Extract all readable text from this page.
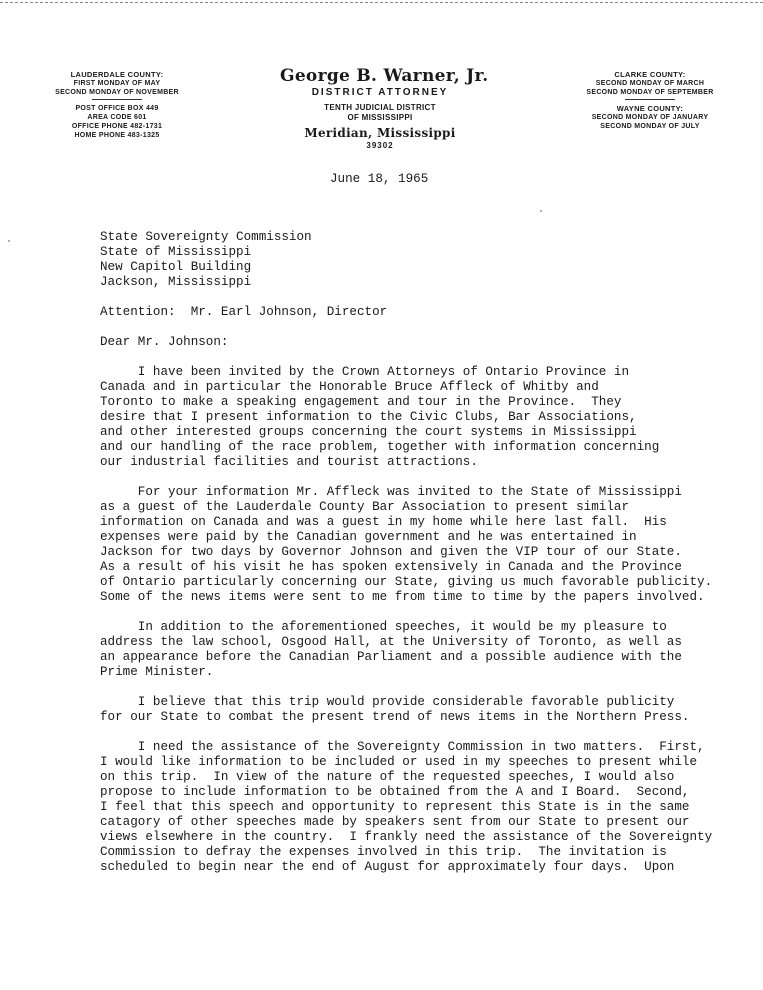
LAUDERDALE COUNTY:
FIRST MONDAY OF MAY
SECOND MONDAY OF NOVEMBER
POST OFFICE BOX 449
AREA CODE 601
OFFICE PHONE 482-1731
HOME PHONE 483-1325
George B. Warner, Jr.
DISTRICT ATTORNEY
TENTH JUDICIAL DISTRICT
OF MISSISSIPPI
Meridian, Mississippi
39302
CLARKE COUNTY:
SECOND MONDAY OF MARCH
SECOND MONDAY OF SEPTEMBER
WAYNE COUNTY:
SECOND MONDAY OF JANUARY
SECOND MONDAY OF JULY
June 18, 1965
State Sovereignty Commission
State of Mississippi
New Capitol Building
Jackson, Mississippi
Attention:  Mr. Earl Johnson, Director
Dear Mr. Johnson:
I have been invited by the Crown Attorneys of Ontario Province in
Canada and in particular the Honorable Bruce Affleck of Whitby and
Toronto to make a speaking engagement and tour in the Province.  They
desire that I present information to the Civic Clubs, Bar Associations,
and other interested groups concerning the court systems in Mississippi
and our handling of the race problem, together with information concerning
our industrial facilities and tourist attractions.
For your information Mr. Affleck was invited to the State of Mississippi
as a guest of the Lauderdale County Bar Association to present similar
information on Canada and was a guest in my home while here last fall.  His
expenses were paid by the Canadian government and he was entertained in
Jackson for two days by Governor Johnson and given the VIP tour of our State.
As a result of his visit he has spoken extensively in Canada and the Province
of Ontario particularly concerning our State, giving us much favorable publicity.
Some of the news items were sent to me from time to time by the papers involved.
In addition to the aforementioned speeches, it would be my pleasure to
address the law school, Osgood Hall, at the University of Toronto, as well as
an appearance before the Canadian Parliament and a possible audience with the
Prime Minister.
I believe that this trip would provide considerable favorable publicity
for our State to combat the present trend of news items in the Northern Press.
I need the assistance of the Sovereignty Commission in two matters.  First,
I would like information to be included or used in my speeches to present while
on this trip.  In view of the nature of the requested speeches, I would also
propose to include information to be obtained from the A and I Board.  Second,
I feel that this speech and opportunity to represent this State is in the same
catagory of other speeches made by speakers sent from our State to present our
views elsewhere in the country.  I frankly need the assistance of the Sovereignty
Commission to defray the expenses involved in this trip.  The invitation is
scheduled to begin near the end of August for approximately four days.  Upon
